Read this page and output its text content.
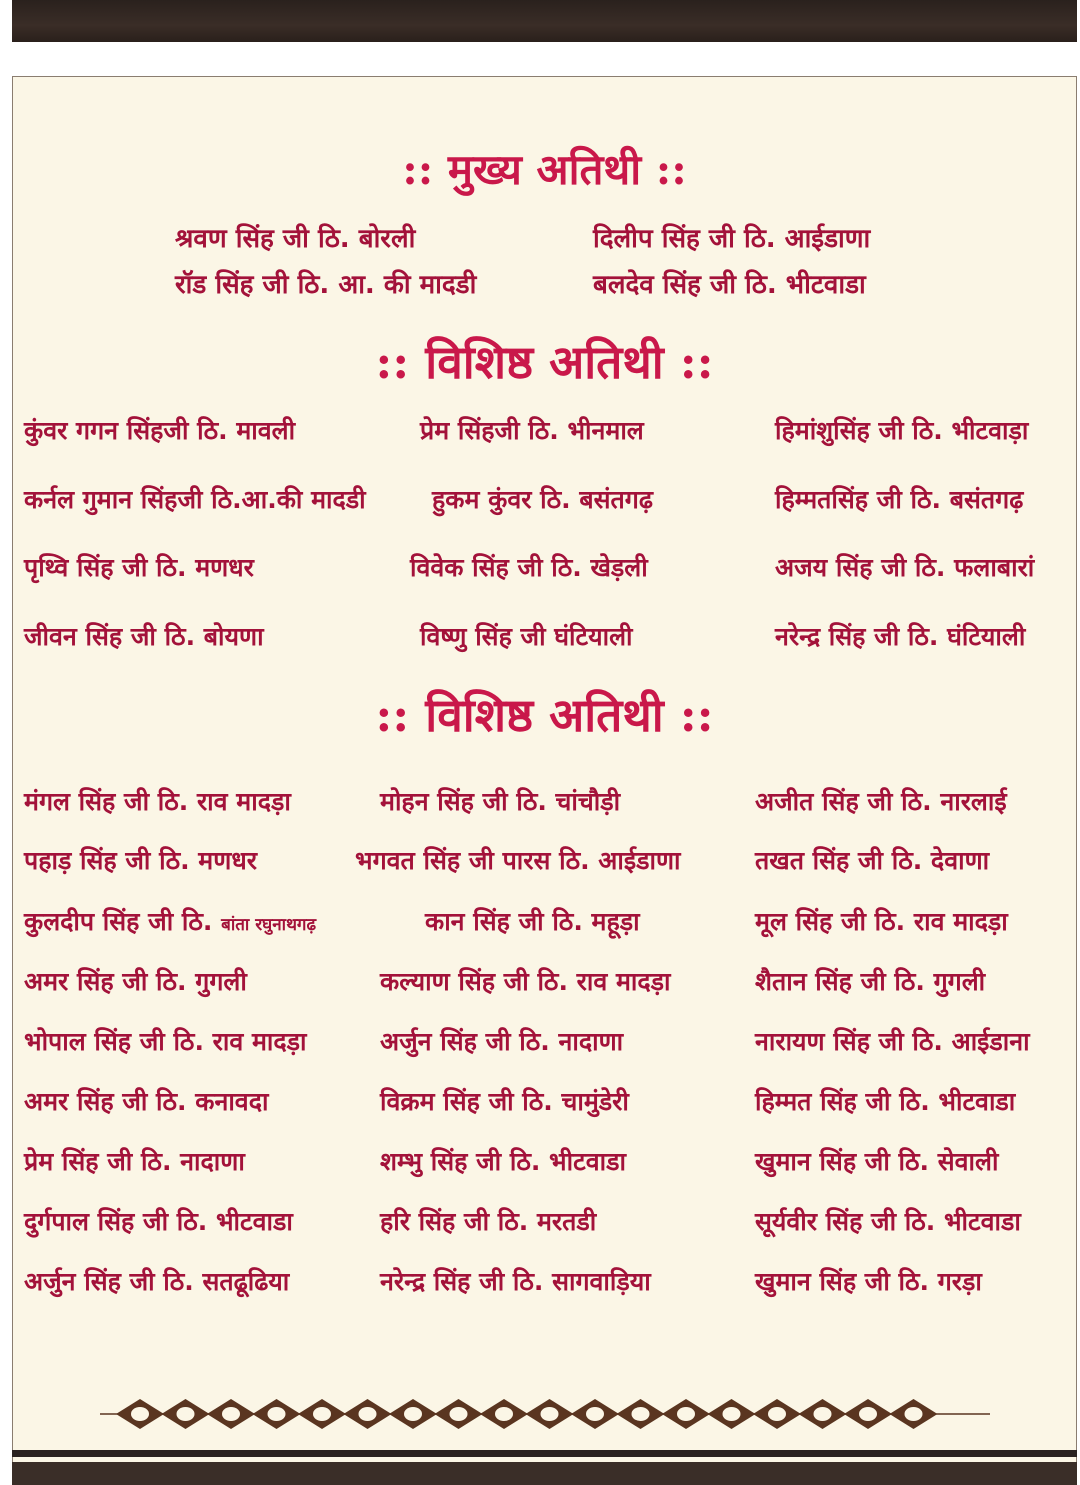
:: मुख्य अतिथी ::
श्रवण सिंह जी ठि. बोरली	दिलीप सिंह जी ठि. आईडाणा
रॉड सिंह जी ठि. आ. की मादडी	बलदेव सिंह जी ठि. भीटवाडा
:: विशिष्ठ अतिथी ::
कुंवर गगन सिंहजी ठि. मावली	प्रेम सिंहजी ठि. भीनमाल	हिमांशुसिंह जी ठि. भीटवाड़ा
कर्नल गुमान सिंहजी ठि.आ.की मादडी	हुकम कुंवर ठि. बसंतगढ़	हिम्मतसिंह जी ठि. बसंतगढ़
पृथ्वि सिंह जी ठि. मणधर	विवेक सिंह जी ठि. खेड़ली	अजय सिंह जी ठि. फलाबारां
जीवन सिंह जी ठि. बोयणा	विष्णु सिंह जी घंटियाली	नरेन्द्र सिंह जी ठि. घंटियाली
:: विशिष्ठ अतिथी ::
मंगल सिंह जी ठि. राव मादड़ा	मोहन सिंह जी ठि. चांचौड़ी	अजीत सिंह जी ठि. नारलाई
पहाड़ सिंह जी ठि. मणधर	भगवत सिंह जी पारस ठि. आईडाणा	तखत सिंह जी ठि. देवाणा
कुलदीप सिंह जी ठि. बांता रघुनाथगढ़	कान सिंह जी ठि. महूड़ा	मूल सिंह जी ठि. राव मादड़ा
अमर सिंह जी ठि. गुगली	कल्याण सिंह जी ठि. राव मादड़ा	शैतान सिंह जी ठि. गुगली
भोपाल सिंह जी ठि. राव मादड़ा	अर्जुन सिंह जी ठि. नादाणा	नारायण सिंह जी ठि. आईडाना
अमर सिंह जी ठि. कनावदा	विक्रम सिंह जी ठि. चामुंडेरी	हिम्मत सिंह जी ठि. भीटवाडा
प्रेम सिंह जी ठि. नादाणा	शम्भु सिंह जी ठि. भीटवाडा	खुमान सिंह जी ठि. सेवाली
दुर्गपाल सिंह जी ठि. भीटवाडा	हरि सिंह जी ठि. मरतडी	सूर्यवीर सिंह जी ठि. भीटवाडा
अर्जुन सिंह जी ठि. सतढूढिया	नरेन्द्र सिंह जी ठि. सागवाड़िया	खुमान सिंह जी ठि. गरड़ा
